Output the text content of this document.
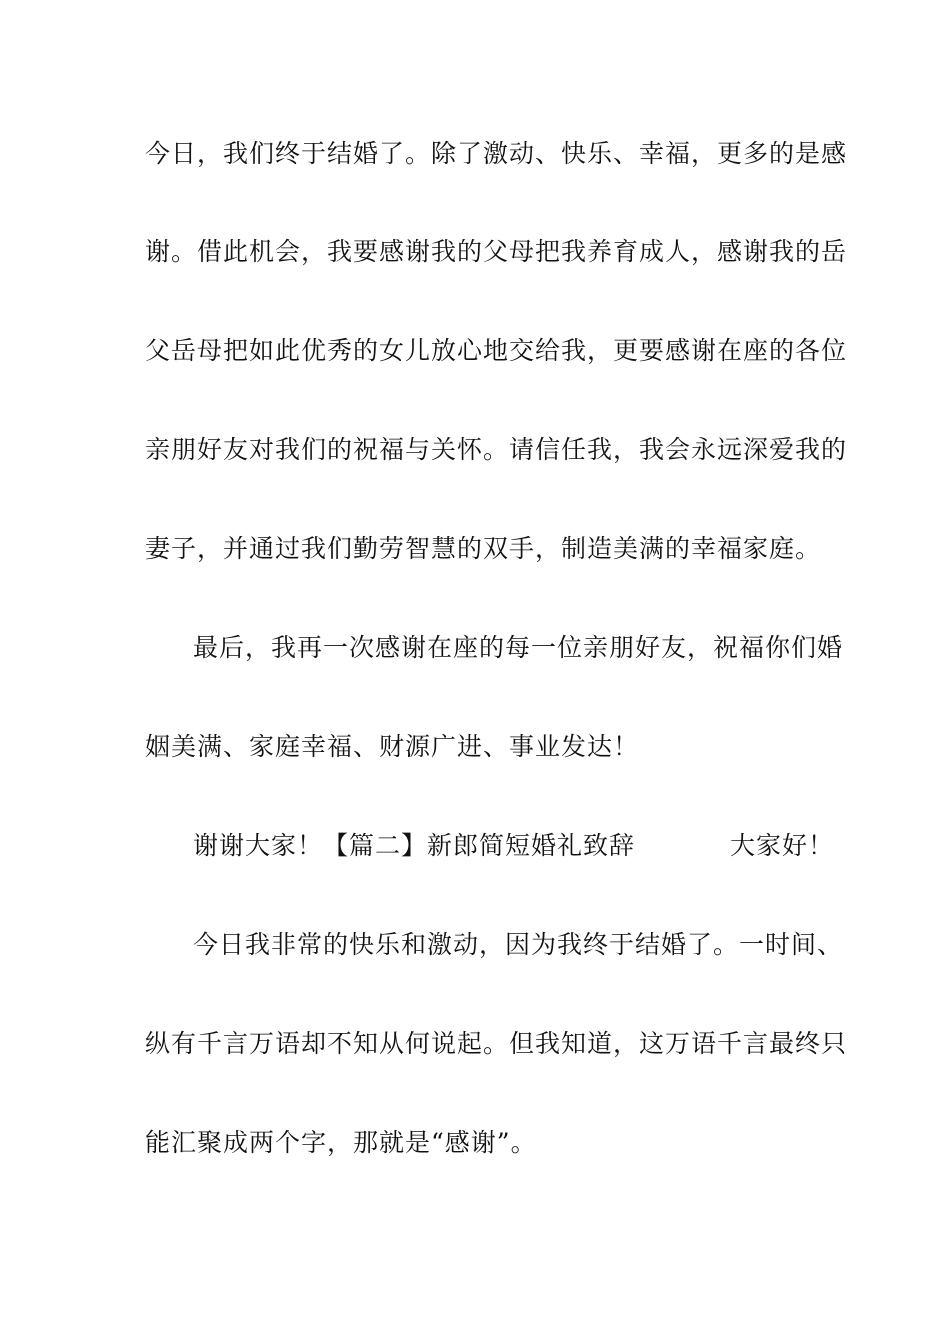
今日，我们终于结婚了。除了激动、快乐、幸福，更多的是感
谢。借此机会，我要感谢我的父母把我养育成人，感谢我的岳
父岳母把如此优秀的女儿放心地交给我，更要感谢在座的各位
亲朋好友对我们的祝福与关怀。请信任我，我会永远深爱我的
妻子，并通过我们勤劳智慧的双手，制造美满的幸福家庭。
最后，我再一次感谢在座的每一位亲朋好友，祝福你们婚
姻美满、家庭幸福、财源广进、事业发达！
谢谢大家！【篇二】新郎简短婚礼致辞	大家好！
今日我非常的快乐和激动，因为我终于结婚了。一时间、
纵有千言万语却不知从何说起。但我知道，这万语千言最终只
能汇聚成两个字，那就是“感谢”。
